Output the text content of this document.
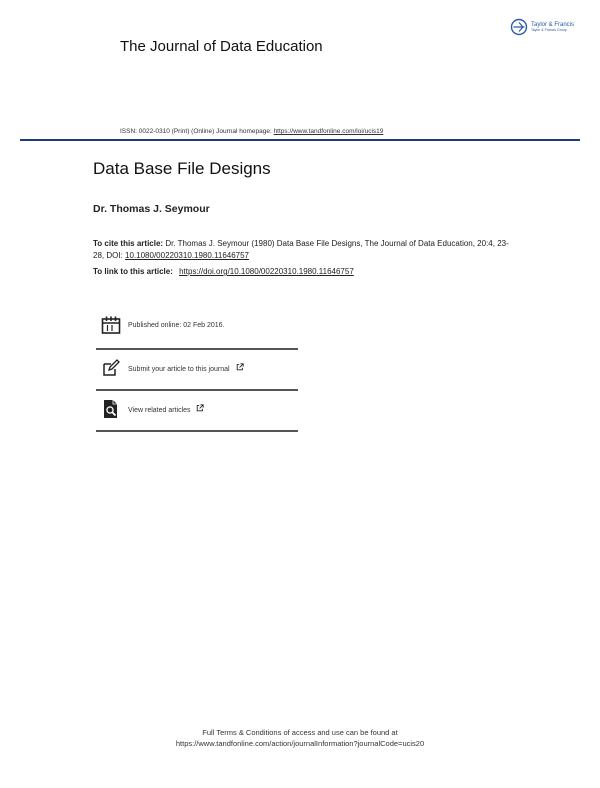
The Journal of Data Education
Taylor & Francis
Taylor & Francis Group
ISSN: 0022-0310 (Print) (Online) Journal homepage: https://www.tandfonline.com/loi/ucis19
Data Base File Designs
Dr. Thomas J. Seymour
To cite this article: Dr. Thomas J. Seymour (1980) Data Base File Designs, The Journal of Data Education, 20:4, 23-28, DOI: 10.1080/00220310.1980.11646757
To link to this article: https://doi.org/10.1080/00220310.1980.11646757
Published online: 02 Feb 2016.
Submit your article to this journal
View related articles
Full Terms & Conditions of access and use can be found at
https://www.tandfonline.com/action/journalInformation?journalCode=ucis20
